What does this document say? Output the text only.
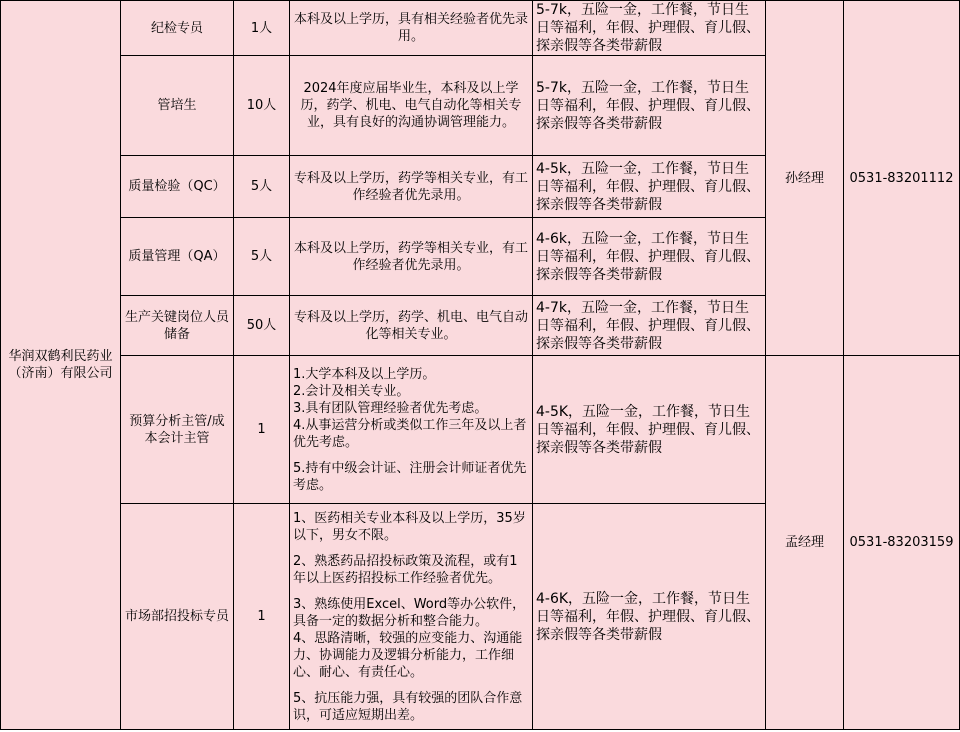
华润双鹤利民药业（济南）有限公司	纪检专员	1人	本科及以上学历，具有相关经验者优先录用。	5-7k，五险一金，工作餐，节日生日等福利，年假、护理假、育儿假、探亲假等各类带薪假	孙经理	0531-83201112
	管培生	10人	2024年度应届毕业生，本科及以上学历，药学、机电、电气自动化等相关专业，具有良好的沟通协调管理能力。	5-7k，五险一金，工作餐，节日生日等福利，年假、护理假、育儿假、探亲假等各类带薪假		
	质量检验（QC）	5人	专科及以上学历，药学等相关专业，有工作经验者优先录用。	4-5k，五险一金，工作餐，节日生日等福利，年假、护理假、育儿假、探亲假等各类带薪假		
	质量管理（QA）	5人	本科及以上学历，药学等相关专业，有工作经验者优先录用。	4-6k，五险一金，工作餐，节日生日等福利，年假、护理假、育儿假、探亲假等各类带薪假		
	生产关键岗位人员储备	50人	专科及以上学历，药学、机电、电气自动化等相关专业。	4-7k，五险一金，工作餐，节日生日等福利，年假、护理假、育儿假、探亲假等各类带薪假		
	预算分析主管/成本会计主管	1	1.大学本科及以上学历。

2.会计及相关专业。

3.具有团队管理经验者优先考虑。

4.从事运营分析或类似工作三年及以上者优先考虑。

5.持有中级会计证、注册会计师证者优先考虑。	4-5K，五险一金，工作餐，节日生日等福利，年假、护理假、育儿假、探亲假等各类带薪假	孟经理	0531-83203159
	市场部招投标专员	1	1、医药相关专业本科及以上学历，35岁以下，男女不限。

2、熟悉药品招投标政策及流程，或有1年以上医药招投标工作经验者优先。

3、熟练使用Excel、Word等办公软件，具备一定的数据分析和整合能力。

4、思路清晰，较强的应变能力、沟通能力、协调能力及逻辑分析能力，工作细心、耐心、有责任心。

5、抗压能力强，具有较强的团队合作意识，可适应短期出差。	4-6K，五险一金，工作餐，节日生日等福利，年假、护理假、育儿假、探亲假等各类带薪假		
